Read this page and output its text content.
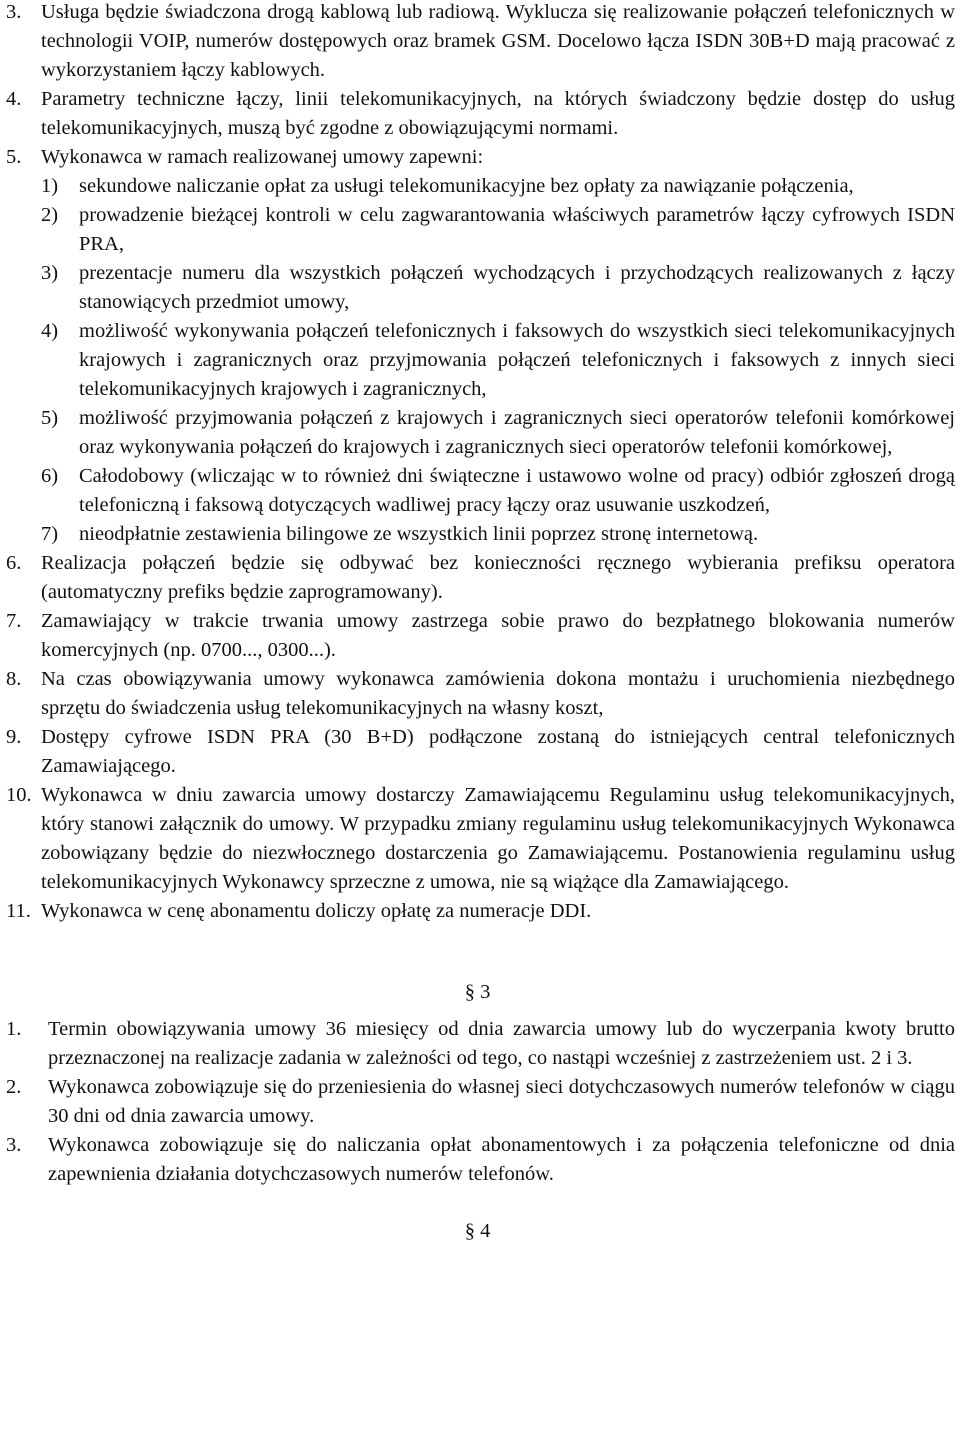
3. Usługa będzie świadczona drogą kablową lub radiową. Wyklucza się realizowanie połączeń telefonicznych w technologii VOIP, numerów dostępowych oraz bramek GSM. Docelowo łącza ISDN 30B+D mają pracować z wykorzystaniem łączy kablowych.
4. Parametry techniczne łączy, linii telekomunikacyjnych, na których świadczony będzie dostęp do usług telekomunikacyjnych, muszą być zgodne z obowiązującymi normami.
5. Wykonawca w ramach realizowanej umowy zapewni:
1) sekundowe naliczanie opłat za usługi telekomunikacyjne bez opłaty za nawiązanie połączenia,
2) prowadzenie bieżącej kontroli w celu zagwarantowania właściwych parametrów łączy cyfrowych ISDN PRA,
3) prezentacje numeru dla wszystkich połączeń wychodzących i przychodzących realizowanych z łączy stanowiących przedmiot umowy,
4) możliwość wykonywania połączeń telefonicznych i faksowych do wszystkich sieci telekomunikacyjnych krajowych i zagranicznych oraz przyjmowania połączeń telefonicznych i faksowych z innych sieci telekomunikacyjnych krajowych i zagranicznych,
5) możliwość przyjmowania połączeń z krajowych i zagranicznych sieci operatorów telefonii komórkowej oraz wykonywania połączeń do krajowych i zagranicznych sieci operatorów telefonii komórkowej,
6) Całodobowy (wliczając w to również dni świąteczne i ustawowo wolne od pracy) odbiór zgłoszeń drogą telefoniczną i faksową dotyczących wadliwej pracy łączy oraz usuwanie uszkodzeń,
7) nieodpłatnie zestawienia bilingowe ze wszystkich linii poprzez stronę internetową.
6. Realizacja połączeń będzie się odbywać bez konieczności ręcznego wybierania prefiksu operatora (automatyczny prefiks będzie zaprogramowany).
7. Zamawiający w trakcie trwania umowy zastrzega sobie prawo do bezpłatnego blokowania numerów komercyjnych (np. 0700..., 0300...).
8. Na czas obowiązywania umowy wykonawca zamówienia dokona montażu i uruchomienia niezbędnego sprzętu do świadczenia usług telekomunikacyjnych na własny koszt,
9. Dostępy cyfrowe ISDN PRA (30 B+D) podłączone zostaną do istniejących central telefonicznych Zamawiającego.
10. Wykonawca w dniu zawarcia umowy dostarczy Zamawiającemu Regulaminu usług telekomunikacyjnych, który stanowi załącznik do umowy. W przypadku zmiany regulaminu usług telekomunikacyjnych Wykonawca zobowiązany będzie do niezwłocznego dostarczenia go Zamawiającemu. Postanowienia regulaminu usług telekomunikacyjnych Wykonawcy sprzeczne z umowa, nie są wiążące dla Zamawiającego.
11. Wykonawca w cenę abonamentu doliczy opłatę za numeracje DDI.
§ 3
1. Termin obowiązywania umowy 36 miesięcy od dnia zawarcia umowy lub do wyczerpania kwoty brutto przeznaczonej na realizacje zadania w zależności od tego, co nastąpi wcześniej z zastrzeżeniem ust. 2 i 3.
2. Wykonawca zobowiązuje się do przeniesienia do własnej sieci dotychczasowych numerów telefonów w ciągu 30 dni od dnia zawarcia umowy.
3. Wykonawca zobowiązuje się do naliczania opłat abonamentowych i za połączenia telefoniczne od dnia zapewnienia działania dotychczasowych numerów telefonów.
§ 4
